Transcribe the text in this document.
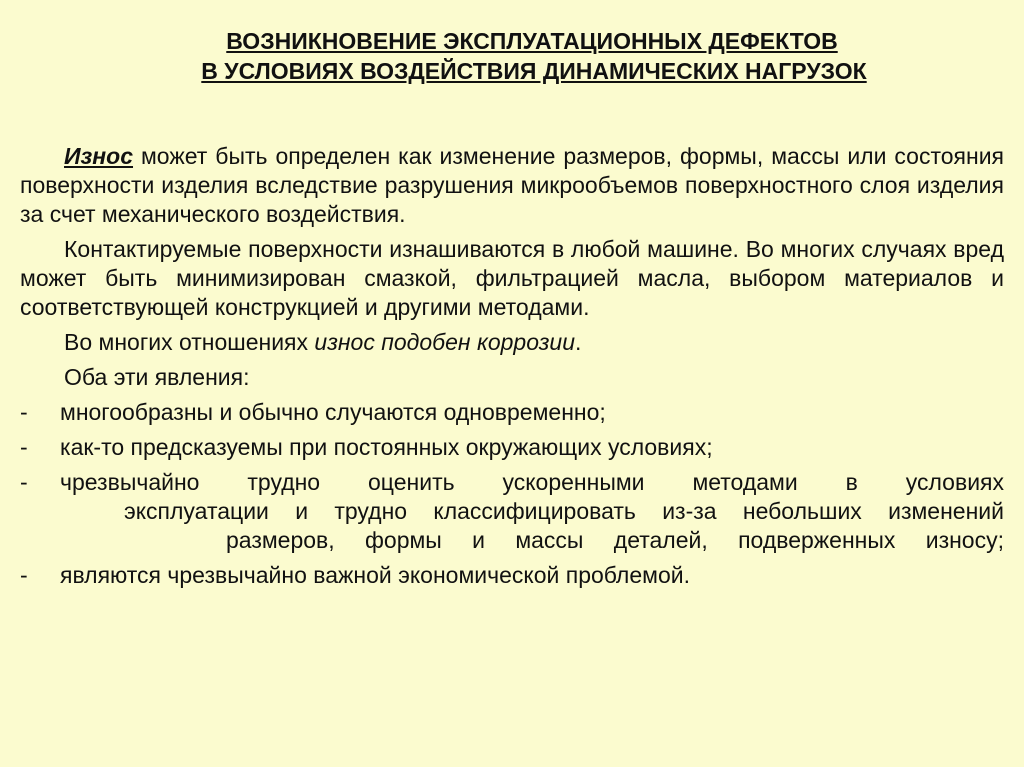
ВОЗНИКНОВЕНИЕ ЭКСПЛУАТАЦИОННЫХ ДЕФЕКТОВ
В УСЛОВИЯХ ВОЗДЕЙСТВИЯ ДИНАМИЧЕСКИХ НАГРУЗОК

Износ может быть определен как изменение размеров, формы, массы или состояния поверхности изделия вследствие разрушения микрообъемов поверхностного слоя изделия за счет механического воздействия.

Контактируемые поверхности изнашиваются в любой машине. Во многих случаях вред может быть минимизирован смазкой, фильтрацией масла, выбором материалов и соответствующей конструкцией и другими методами.

Во многих отношениях износ подобен коррозии.

Оба эти явления:

- многообразны и обычно случаются одновременно;
- как-то предсказуемы при постоянных окружающих условиях;
- чрезвычайно трудно оценить ускоренными методами в условиях
эксплуатации и трудно классифицировать из-за небольших изменений
размеров, формы и массы деталей, подверженных износу;
- являются чрезвычайно важной экономической проблемой.
